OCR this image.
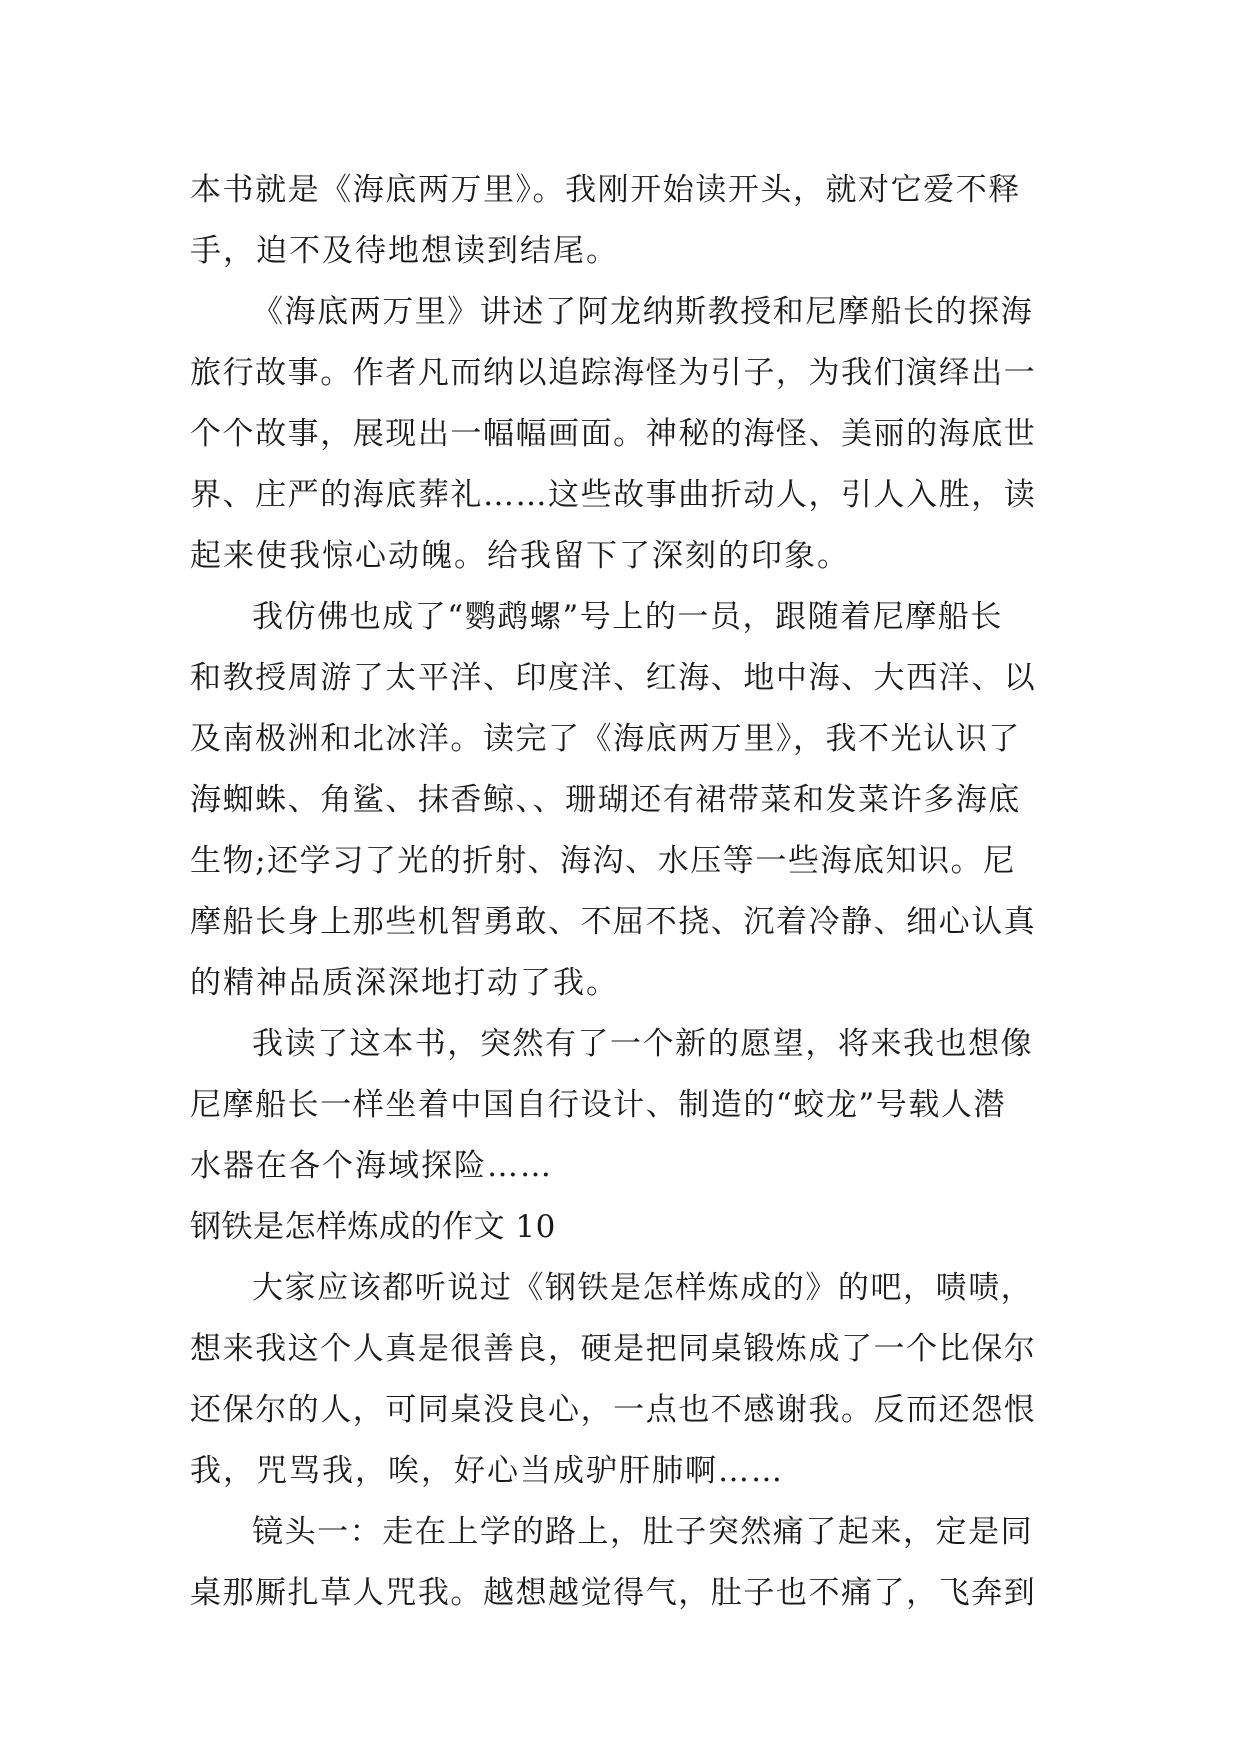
本书就是《海底两万里》。我刚开始读开头，就对它爱不释
手，迫不及待地想读到结尾。
《海底两万里》讲述了阿龙纳斯教授和尼摩船长的探海
旅行故事。作者凡而纳以追踪海怪为引子，为我们演绎出一
个个故事，展现出一幅幅画面。神秘的海怪、美丽的海底世
界、庄严的海底葬礼……这些故事曲折动人，引人入胜，读
起来使我惊心动魄。给我留下了深刻的印象。
我仿佛也成了“鹦鹉螺”号上的一员，跟随着尼摩船长
和教授周游了太平洋、印度洋、红海、地中海、大西洋、以
及南极洲和北冰洋。读完了《海底两万里》，我不光认识了
海蜘蛛、角鲨、抹香鲸、、珊瑚还有裙带菜和发菜许多海底
生物;还学习了光的折射、海沟、水压等一些海底知识。尼
摩船长身上那些机智勇敢、不屈不挠、沉着冷静、细心认真
的精神品质深深地打动了我。
我读了这本书，突然有了一个新的愿望，将来我也想像
尼摩船长一样坐着中国自行设计、制造的“蛟龙”号载人潜
水器在各个海域探险……
钢铁是怎样炼成的作文 10
大家应该都听说过《钢铁是怎样炼成的》的吧，啧啧，
想来我这个人真是很善良，硬是把同桌锻炼成了一个比保尔
还保尔的人，可同桌没良心，一点也不感谢我。反而还怨恨
我，咒骂我，唉，好心当成驴肝肺啊……
镜头一：走在上学的路上，肚子突然痛了起来，定是同
桌那厮扎草人咒我。越想越觉得气，肚子也不痛了，飞奔到
